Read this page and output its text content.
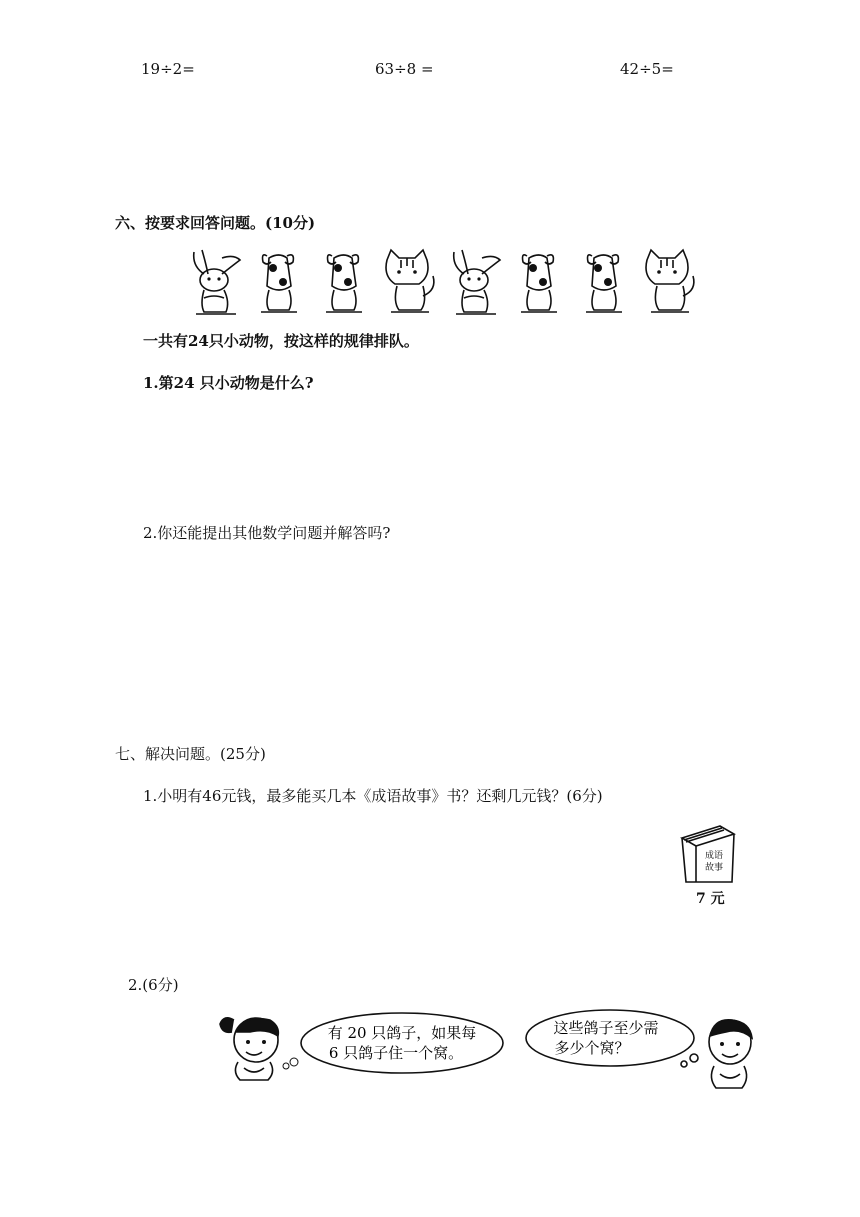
19÷2=	63÷8 =	42÷5=
六、按要求回答问题。(10分)
一共有24只小动物，按这样的规律排队。
1.第24 只小动物是什么?
2.你还能提出其他数学问题并解答吗?
七、解决问题。(25分)
1.小明有46元钱，最多能买几本《成语故事》书？还剩几元钱？(6分)
成语
故事
7 元
2.(6分)
有 20 只鸽子，如果每
6 只鸽子住一个窝。
这些鸽子至少需
多少个窝？
